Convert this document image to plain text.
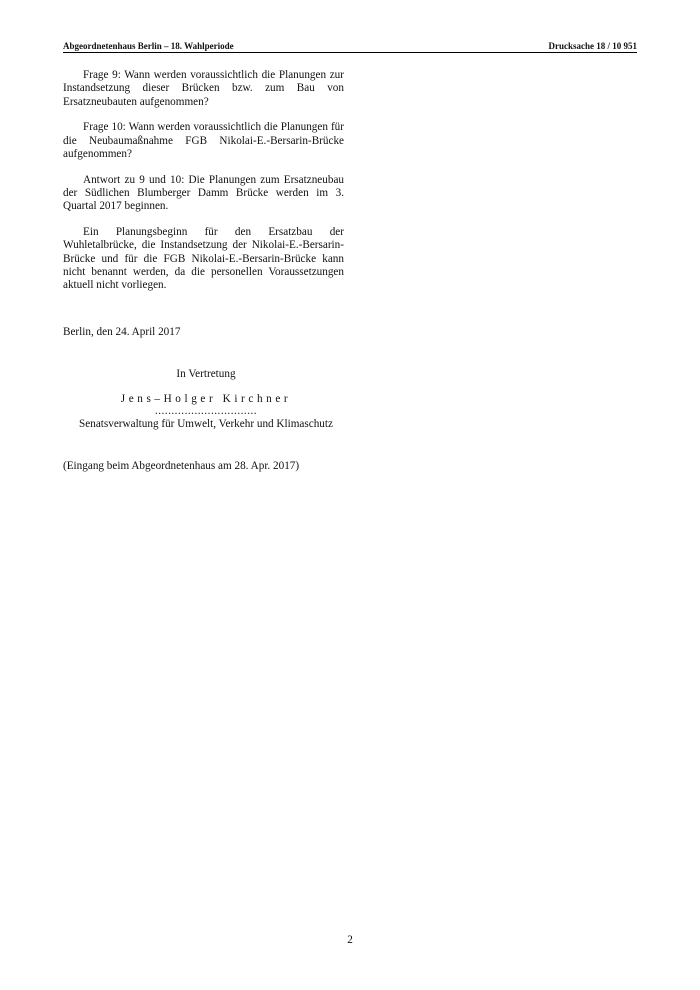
Abgeordnetenhaus Berlin – 18. Wahlperiode	Drucksache 18 / 10 951

Frage 9: Wann werden voraussichtlich die Planungen zur Instandsetzung dieser Brücken bzw. zum Bau von Ersatzneubauten aufgenommen?

Frage 10: Wann werden voraussichtlich die Planungen für die Neubaumaßnahme FGB Nikolai-E.-Bersarin-Brücke aufgenommen?

Antwort zu 9 und 10: Die Planungen zum Ersatzneubau der Südlichen Blumberger Damm Brücke werden im 3. Quartal 2017 beginnen.

Ein Planungsbeginn für den Ersatzbau der Wuhletalbrücke, die Instandsetzung der Nikolai-E.-Bersarin-Brücke und für die FGB Nikolai-E.-Bersarin-Brücke kann nicht benannt werden, da die personellen Voraussetzungen aktuell nicht vorliegen.

Berlin, den 24. April 2017
In Vertretung
Jens–Holger Kirchner
...............................
Senatsverwaltung für Umwelt, Verkehr und Klimaschutz
(Eingang beim Abgeordnetenhaus am 28. Apr. 2017)
2
